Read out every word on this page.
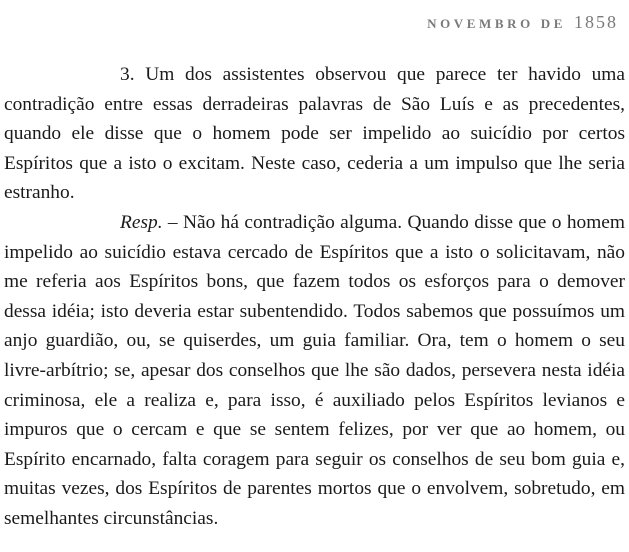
NOVEMBRO DE 1858

3. Um dos assistentes observou que parece ter havido uma contradição entre essas derradeiras palavras de São Luís e as precedentes, quando ele disse que o homem pode ser impelido ao suicídio por certos Espíritos que a isto o excitam. Neste caso, cederia a um impulso que lhe seria estranho.

Resp. – Não há contradição alguma. Quando disse que o homem impelido ao suicídio estava cercado de Espíritos que a isto o solicitavam, não me referia aos Espíritos bons, que fazem todos os esforços para o demover dessa idéia; isto deveria estar subentendido. Todos sabemos que possuímos um anjo guardião, ou, se quiserdes, um guia familiar. Ora, tem o homem o seu livre-arbítrio; se, apesar dos conselhos que lhe são dados, persevera nesta idéia criminosa, ele a realiza e, para isso, é auxiliado pelos Espíritos levianos e impuros que o cercam e que se sentem felizes, por ver que ao homem, ou Espírito encarnado, falta coragem para seguir os conselhos de seu bom guia e, muitas vezes, dos Espíritos de parentes mortos que o envolvem, sobretudo, em semelhantes circunstâncias.
